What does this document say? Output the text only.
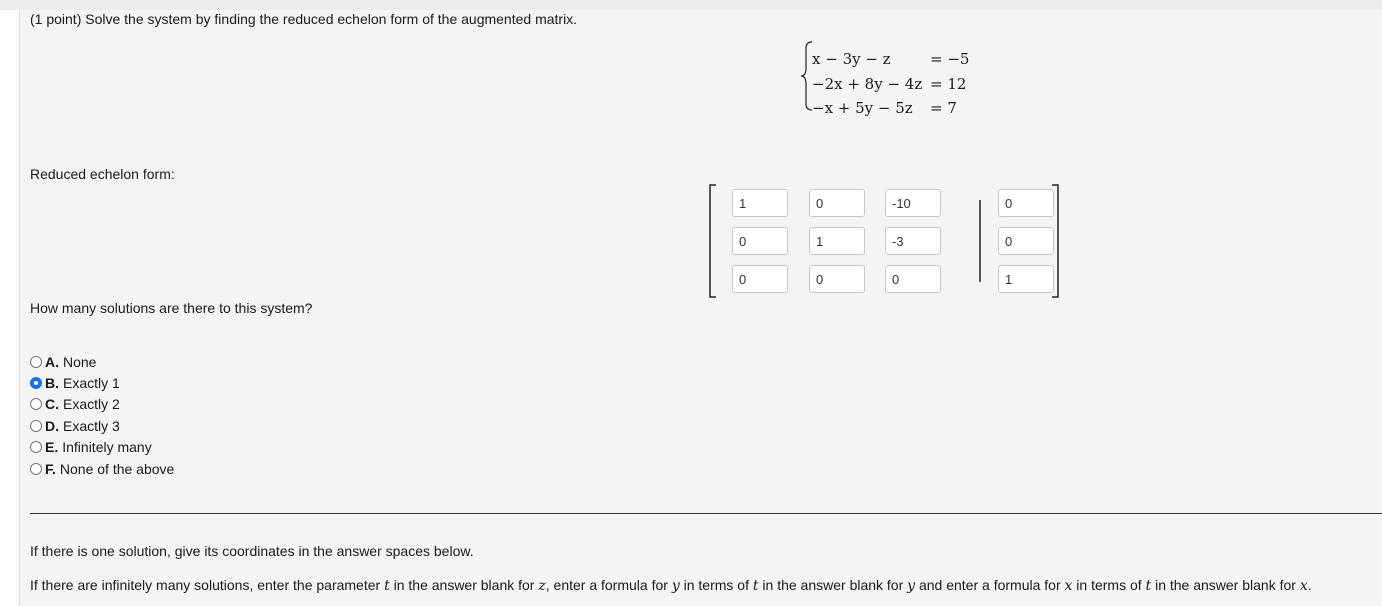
(1 point) Solve the system by finding the reduced echelon form of the augmented matrix.
x − 3y − z	= −5
−2x + 8y − 4z = 12
−x + 5y − 5z = 7
Reduced echelon form:
1
0
-10
0
0
1
-3
0
0
0
0
1
How many solutions are there to this system?
A. None
B. Exactly 1
C. Exactly 2
D. Exactly 3
E. Infinitely many
F. None of the above
If there is one solution, give its coordinates in the answer spaces below.
If there are infinitely many solutions, enter the parameter t in the answer blank for z, enter a formula for y in terms of t in the answer blank for y and enter a formula for x in terms of t in the answer blank for x.
